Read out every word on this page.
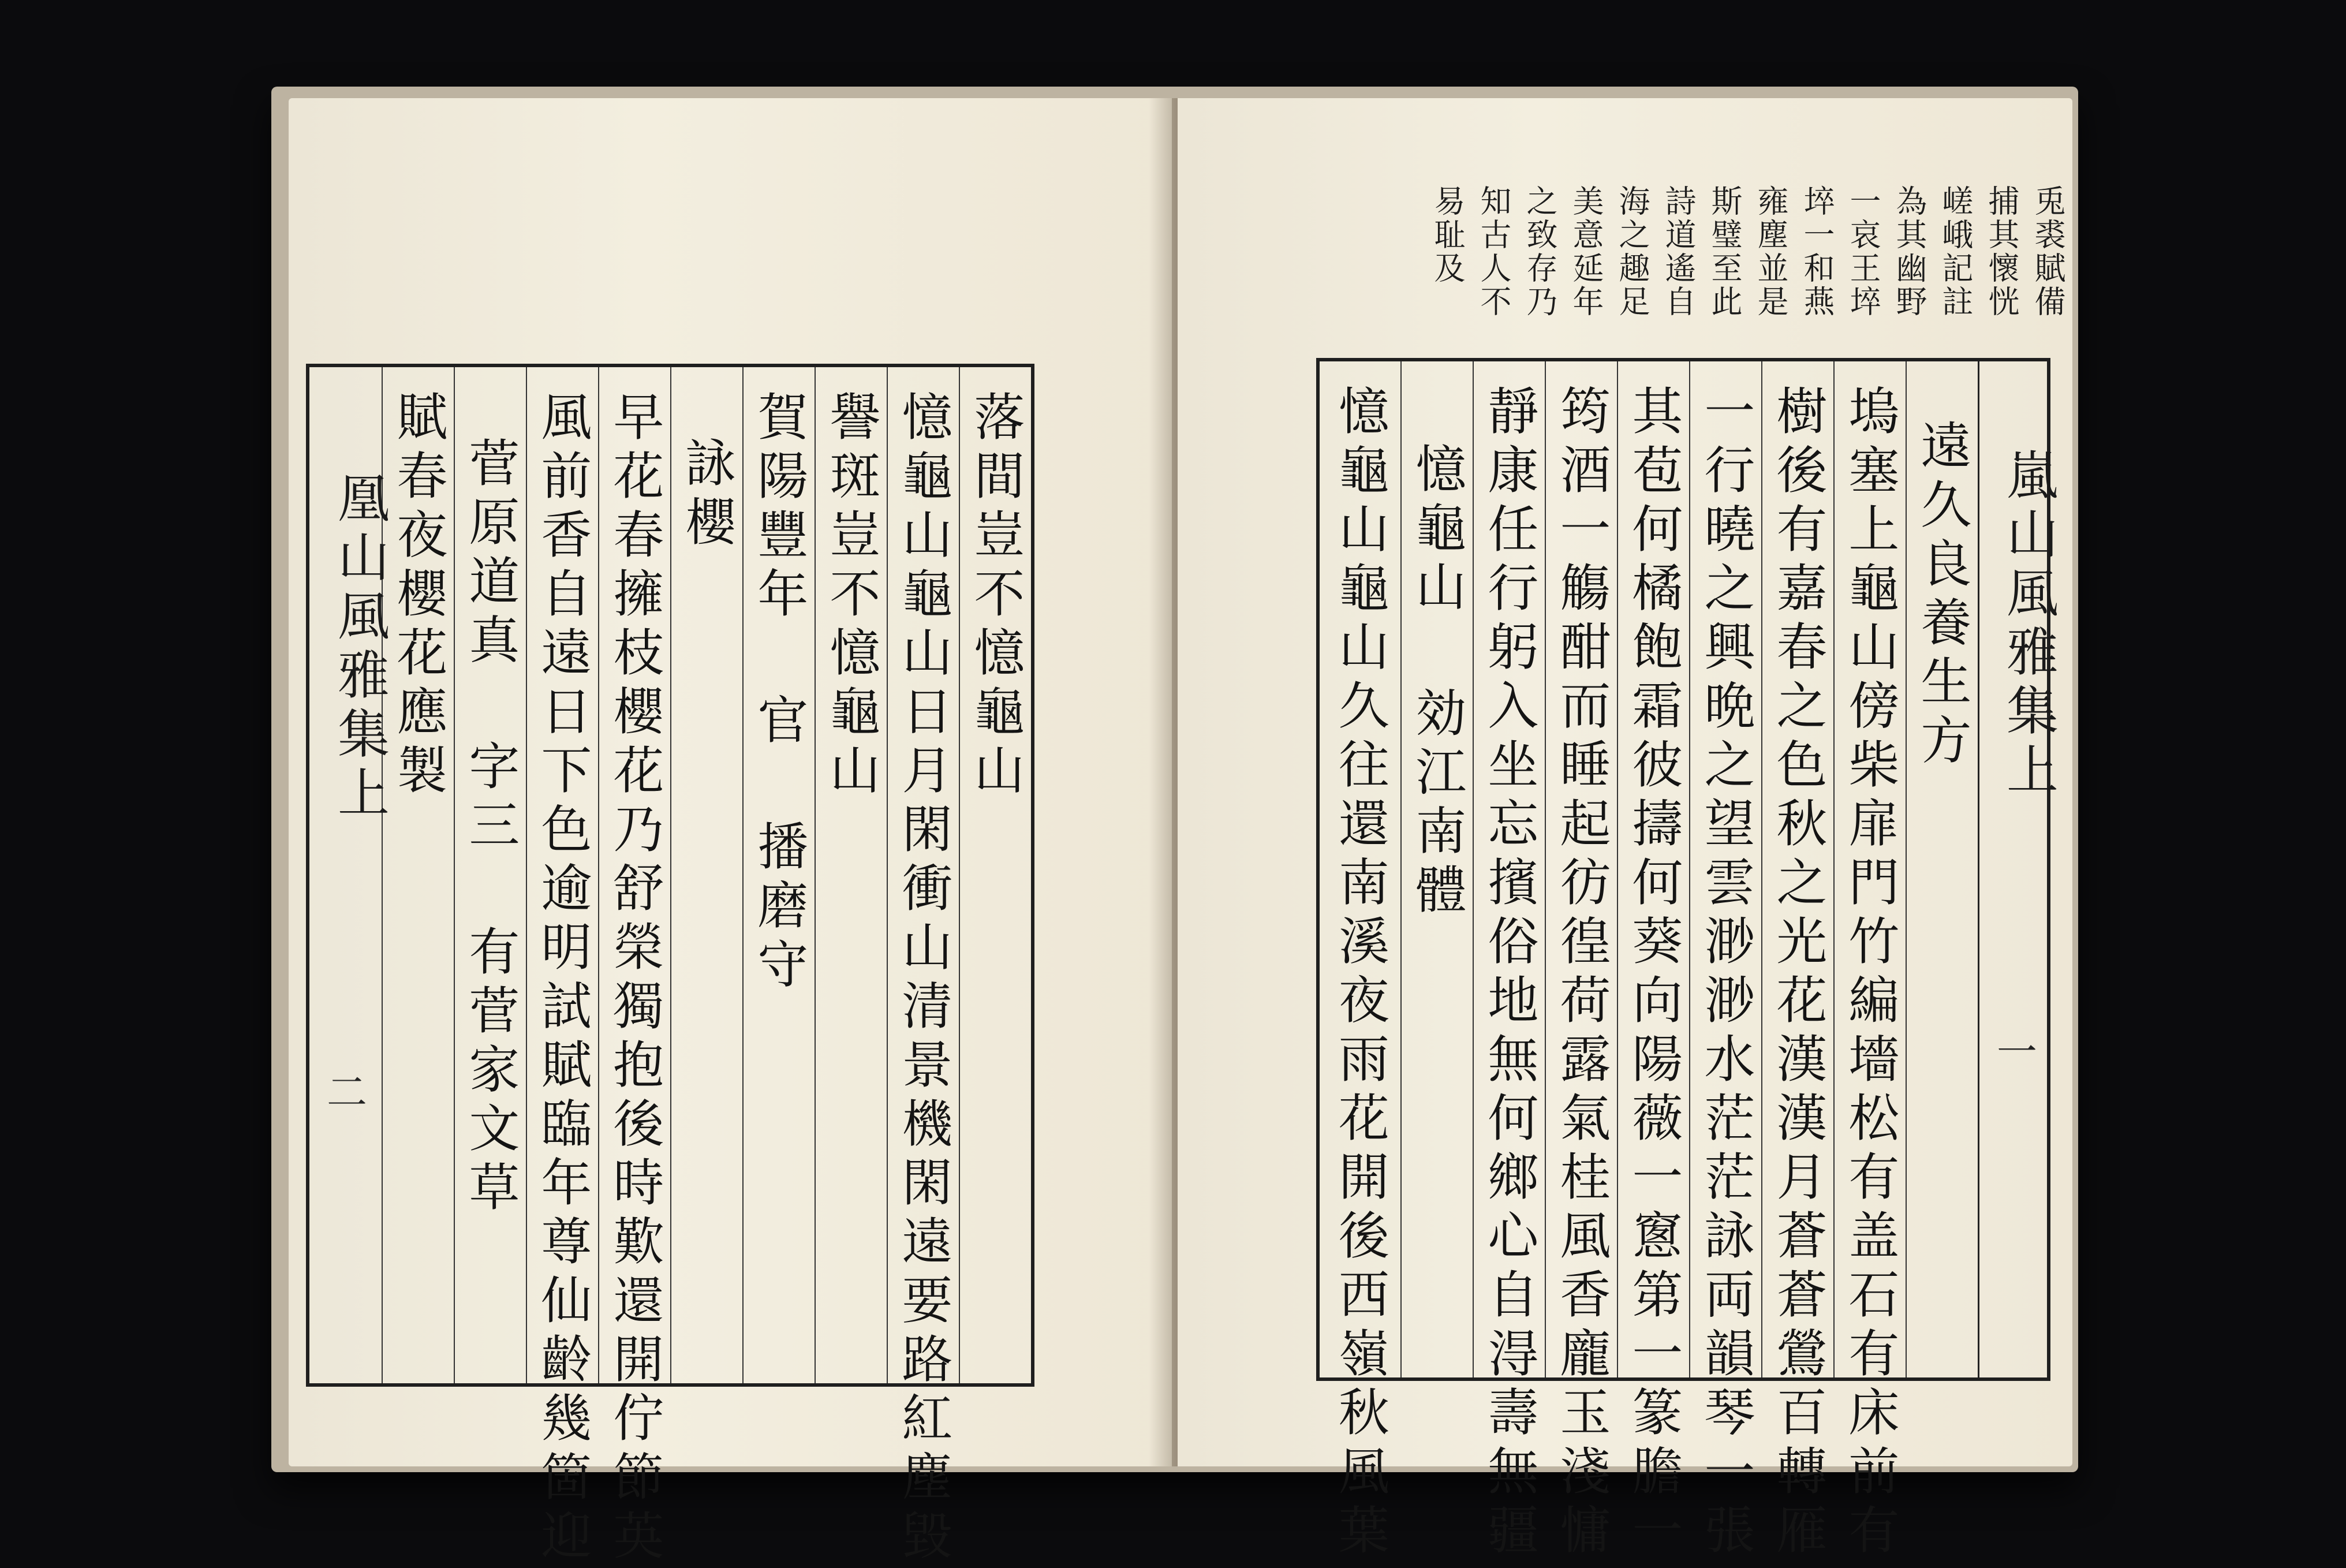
落間豈不憶龜山
憶龜山龜山日月閑衝山清景機閑遠要路紅塵毀
譽斑豈不憶龜山
賀陽豐年 官 播磨守
詠櫻
早花春擁枝櫻花乃舒榮獨抱後時歎還開佇節英
風前香自遠日下色逾明試賦臨年尊仙齡幾箇迎
菅原道真 字三 有菅家文草
賦春夜櫻花應製
凰山風雅集上
二
兎裘賦備
捕其懷恍
嵯峨記註
為其幽野
一哀王埣
埣一和燕
雍塵並是
斯璧至此
詩道遙自
海之趣足
美意延年
之致存乃
知古人不
易耻及
嵐山風雅集上
一
遠久良養生方
塢塞上龜山傍柴扉門竹編墻松有盖石有床前有
樹後有嘉春之色秋之光花漢漢月蒼蒼鶯百轉雁
一行曉之興晩之望雲渺渺水茫茫詠両韻琴一張
其苞何橘飽霜彼擣何葵向陽薇一窻第一篆膽一
筠酒一觴酣而睡起彷徨荷露氣桂風香龐玉淺慵
靜康任行躬入坐忘擯俗地無何鄉心自淂壽無疆
憶龜山 効江南體
憶龜山龜山久往還南溪夜雨花開後西嶺秋風葉
